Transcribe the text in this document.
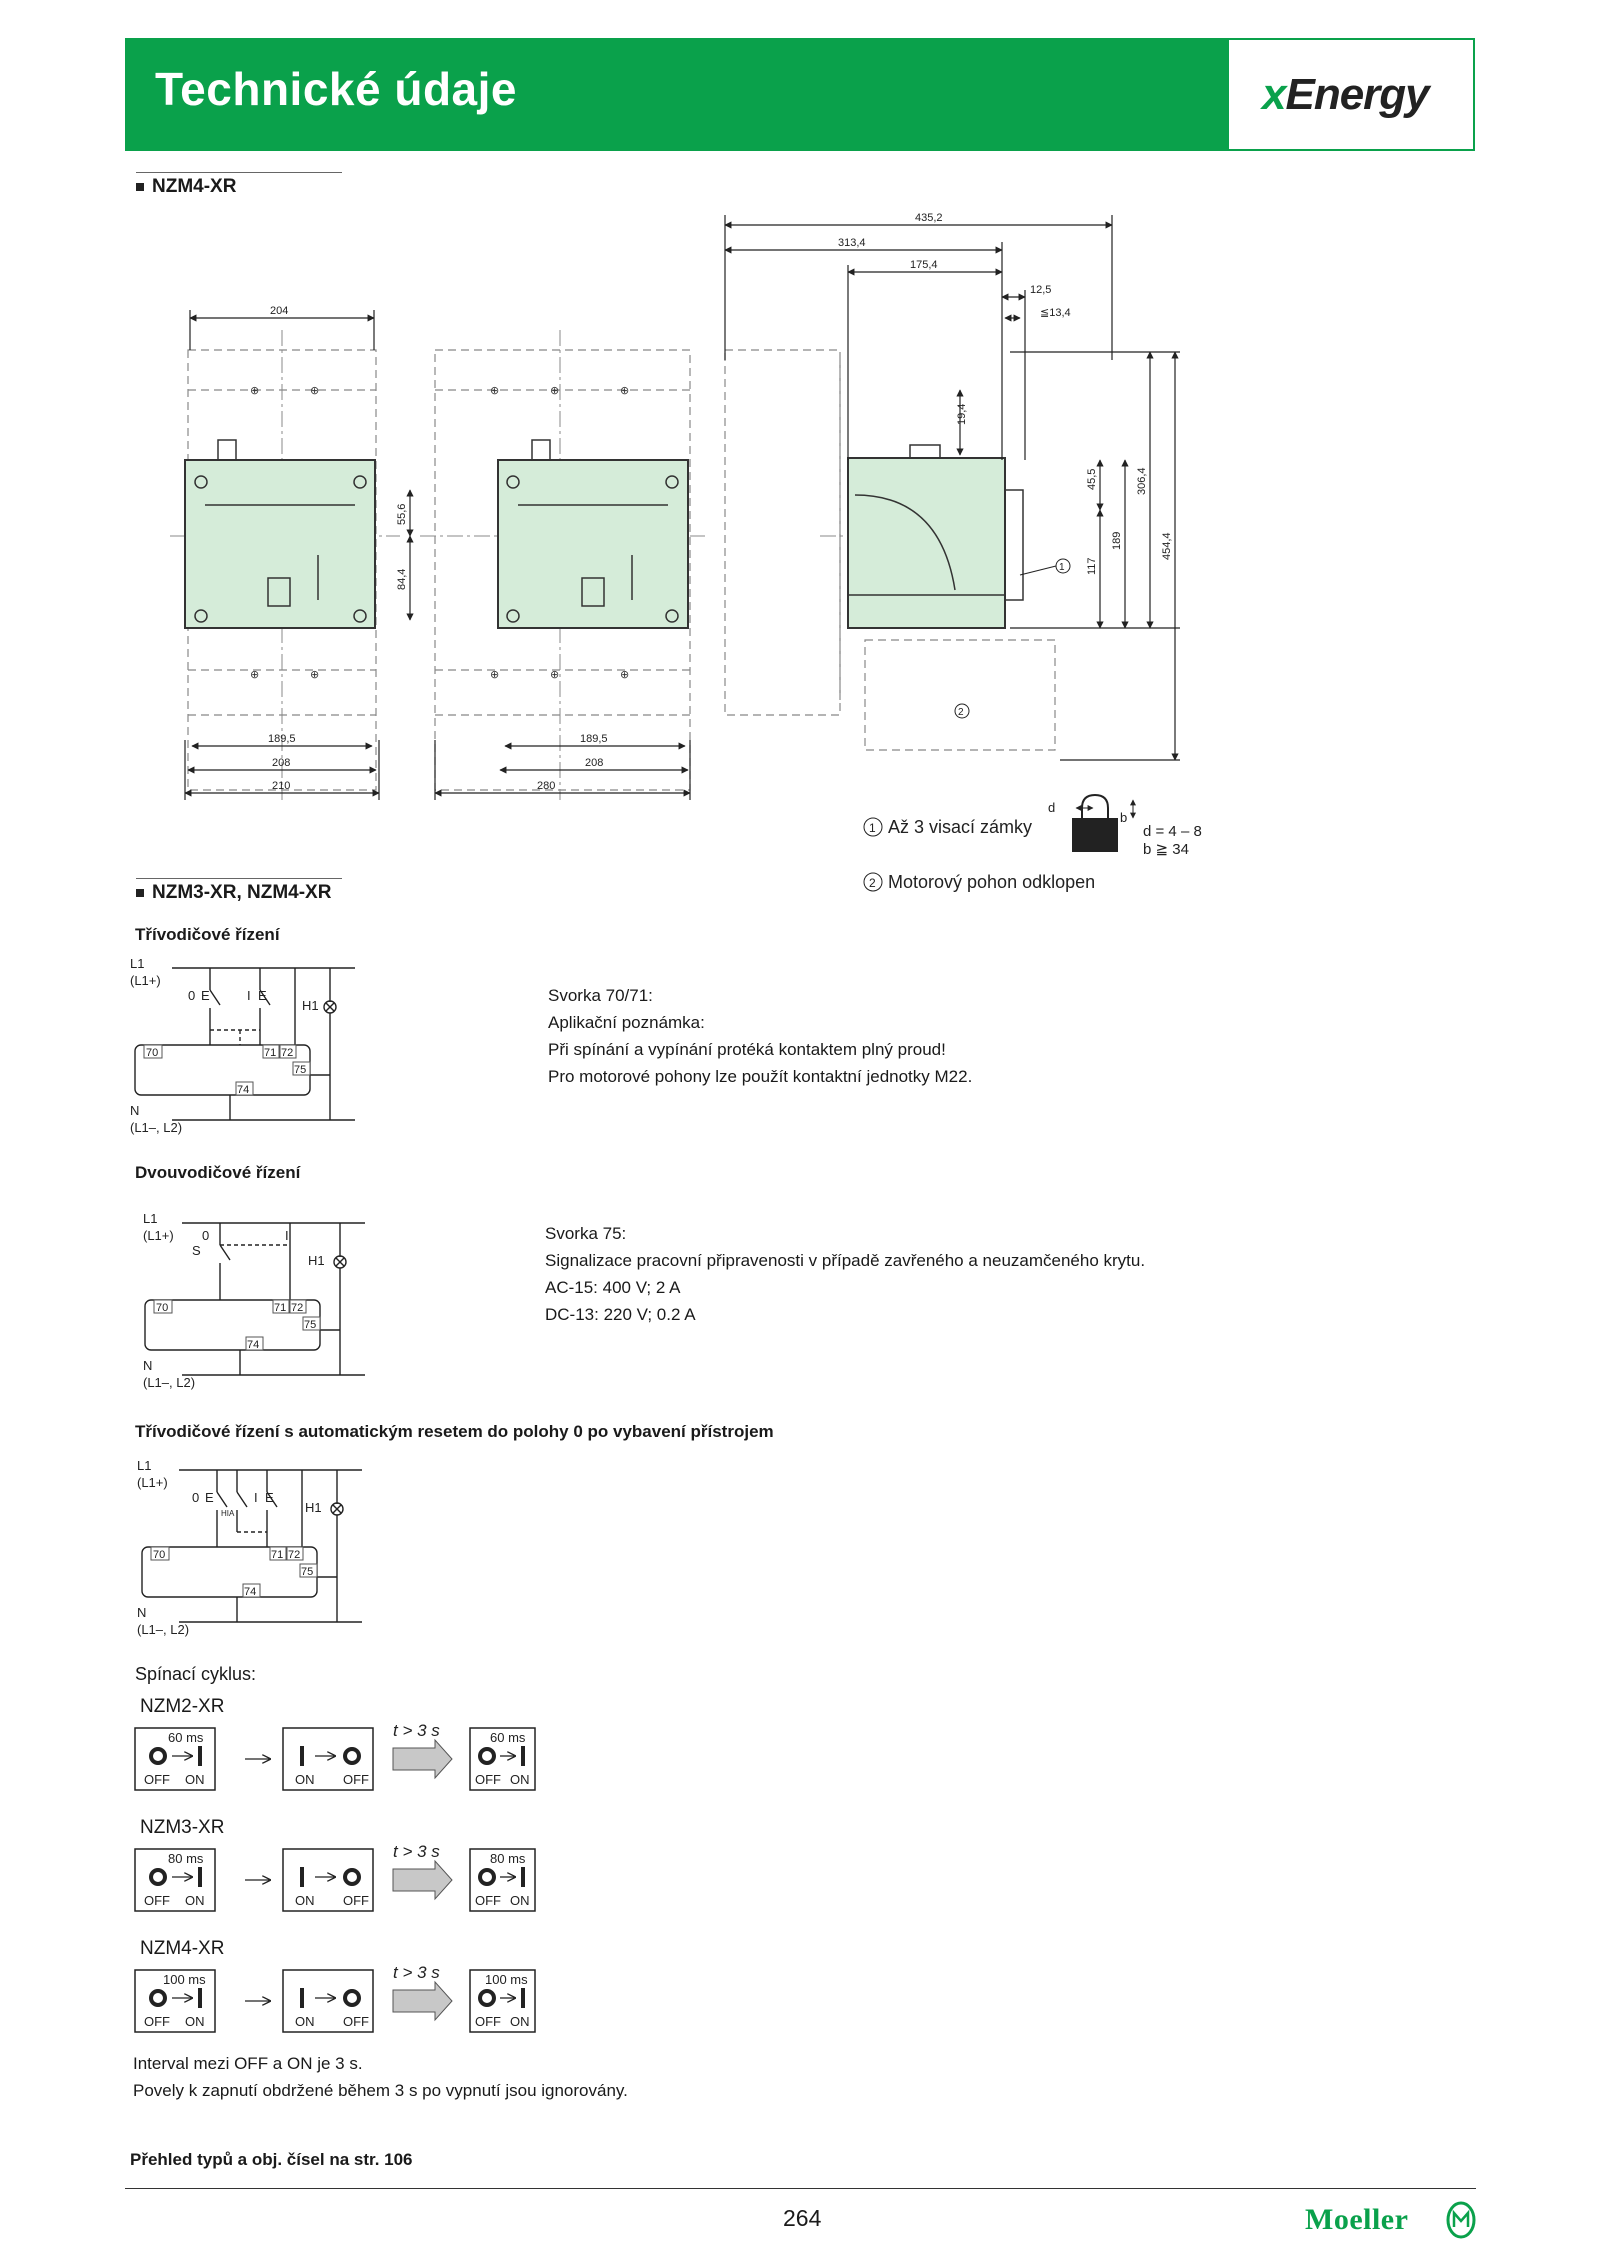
Technické údaje	xEnergy
NZM4-XR
⊕	⊕	⊕	⊕	⊕
⊕	⊕	⊕	⊕	⊕
204
435,2
313,4
175,4
12,5
≦13,4
55,6
84,4
19,4
45,5
117
189
306,4
454,4
189,5
208
210
189,5
208
280
1
2
d
b
d = 4 – 8
b ≧ 34
1 Až 3 visací zámky
2 Motorový pohon odklopen
NZM3-XR, NZM4-XR
Třívodičové řízení
70	71 72
75
74
L1
(L1+)
0 E	I E
H1
N
(L1–, L2)
Svorka 70/71:
Aplikační poznámka:
Při spínání a vypínání protéká kontaktem plný proud!
Pro motorové pohony lze použít kontaktní jednotky M22.
Dvouvodičové řízení
70	71 72
75
74
L1
(L1+) 0
S
I
H1
N
(L1–, L2)
Svorka 75:
Signalizace pracovní připravenosti v případě zavřeného a neuzamčeného krytu.
AC-15: 400 V; 2 A
DC-13: 220 V; 0.2 A
Třívodičové řízení s automatickým resetem do polohy 0 po vybavení přístrojem
70	71 72
75
74
HIA
L1
(L1+)
0 E	I E
H1
N
(L1–, L2)
Spínací cyklus:
NZM2-XR
NZM3-XR
NZM4-XR
60 ms
OFF ON	ON OFF
60 ms
OFF ON
t > 3 s
80 ms
OFF ON	ON OFF
80 ms
OFF ON
t > 3 s
100 ms
OFF ON	ON OFF
100 ms
OFF ON
t > 3 s
Interval mezi OFF a ON je 3 s.
Povely k zapnutí obdržené během 3 s po vypnutí jsou ignorovány.
Přehled typů a obj. čísel na str. 106
264	Moeller
